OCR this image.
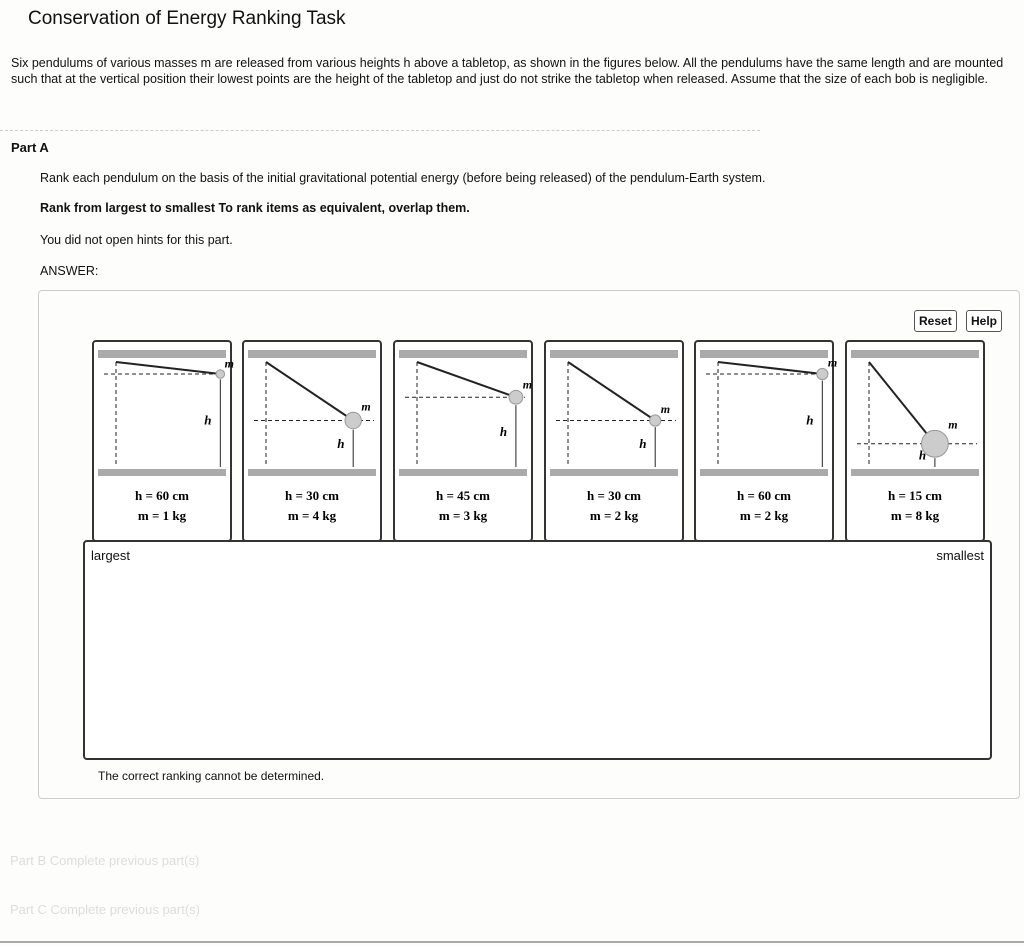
Conservation of Energy Ranking Task
Six pendulums of various masses m are released from various heights h above a tabletop, as shown in the figures below. All the pendulums have the same length and are mounted such that at the vertical position their lowest points are the height of the tabletop and just do not strike the tabletop when released. Assume that the size of each bob is negligible.
Part A
Rank each pendulum on the basis of the initial gravitational potential energy (before being released) of the pendulum-Earth system.
Rank from largest to smallest To rank items as equivalent, overlap them.
You did not open hints for this part.
ANSWER:
Reset	Help
m
h
h = 60 cm
m = 1 kg
m
h
h = 30 cm
m = 4 kg
m
h
h = 45 cm
m = 3 kg
m
h
h = 30 cm
m = 2 kg
m
h
h = 60 cm
m = 2 kg
m
h
h = 15 cm
m = 8 kg
largest	smallest
The correct ranking cannot be determined.
Part B Complete previous part(s)
Part C Complete previous part(s)
